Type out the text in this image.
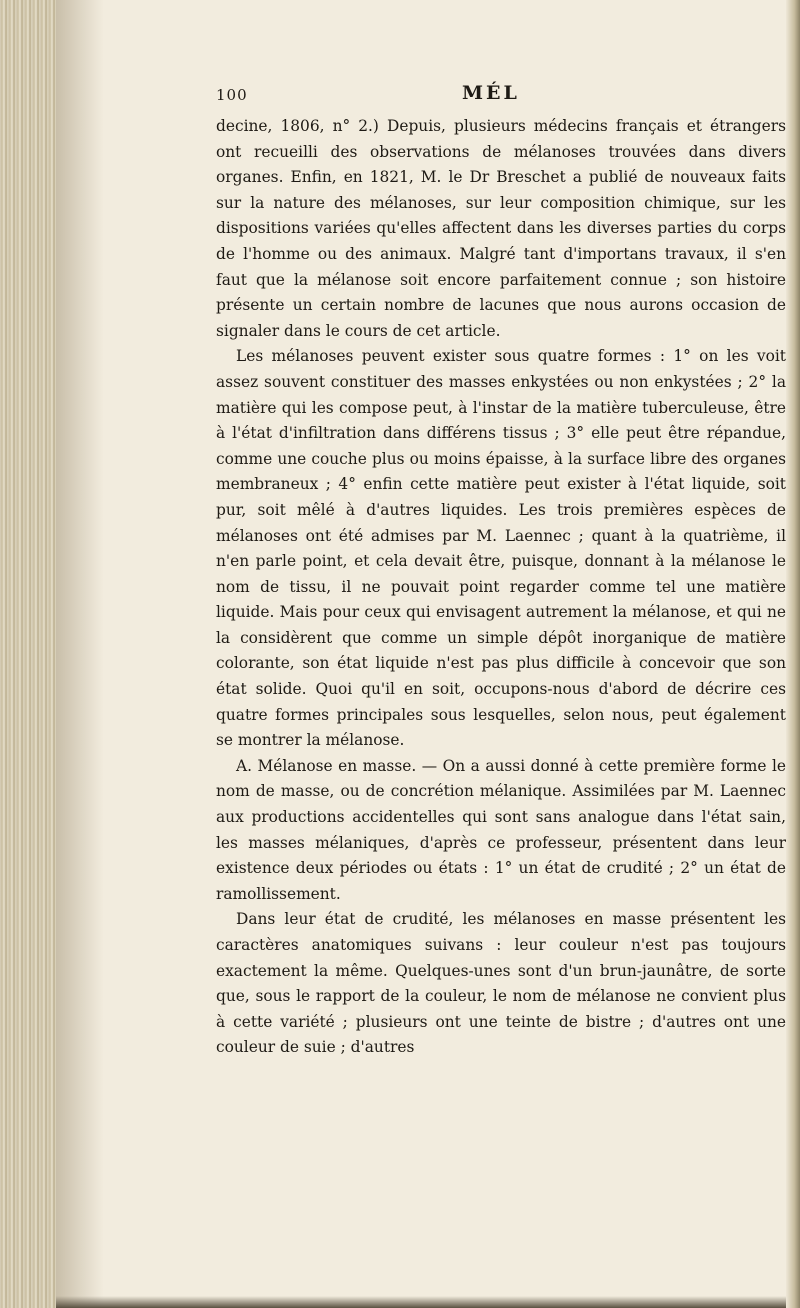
100	MÉL

decine, 1806, n° 2.) Depuis, plusieurs médecins français et étrangers ont recueilli des observations de mélanoses trouvées dans divers organes. Enfin, en 1821, M. le Dr Breschet a publié de nouveaux faits sur la nature des mélanoses, sur leur composition chimique, sur les dispositions variées qu'elles affectent dans les diverses parties du corps de l'homme ou des animaux. Malgré tant d'importans travaux, il s'en faut que la mélanose soit encore parfaitement connue ; son histoire présente un certain nombre de lacunes que nous aurons occasion de signaler dans le cours de cet article.

Les mélanoses peuvent exister sous quatre formes : 1° on les voit assez souvent constituer des masses enkystées ou non enkystées ; 2° la matière qui les compose peut, à l'instar de la matière tuberculeuse, être à l'état d'infiltration dans différens tissus ; 3° elle peut être répandue, comme une couche plus ou moins épaisse, à la surface libre des organes membraneux ; 4° enfin cette matière peut exister à l'état liquide, soit pur, soit mêlé à d'autres liquides. Les trois premières espèces de mélanoses ont été admises par M. Laennec ; quant à la quatrième, il n'en parle point, et cela devait être, puisque, donnant à la mélanose le nom de tissu, il ne pouvait point regarder comme tel une matière liquide. Mais pour ceux qui envisagent autrement la mélanose, et qui ne la considèrent que comme un simple dépôt inorganique de matière colorante, son état liquide n'est pas plus difficile à concevoir que son état solide. Quoi qu'il en soit, occupons-nous d'abord de décrire ces quatre formes principales sous lesquelles, selon nous, peut également se montrer la mélanose.

A. Mélanose en masse. — On a aussi donné à cette première forme le nom de masse, ou de concrétion mélanique. Assimilées par M. Laennec aux productions accidentelles qui sont sans analogue dans l'état sain, les masses mélaniques, d'après ce professeur, présentent dans leur existence deux périodes ou états : 1° un état de crudité ; 2° un état de ramollissement.

Dans leur état de crudité, les mélanoses en masse présentent les caractères anatomiques suivans : leur couleur n'est pas toujours exactement la même. Quelques-unes sont d'un brun-jaunâtre, de sorte que, sous le rapport de la couleur, le nom de mélanose ne convient plus à cette variété ; plusieurs ont une teinte de bistre ; d'autres ont une couleur de suie ; d'autres
